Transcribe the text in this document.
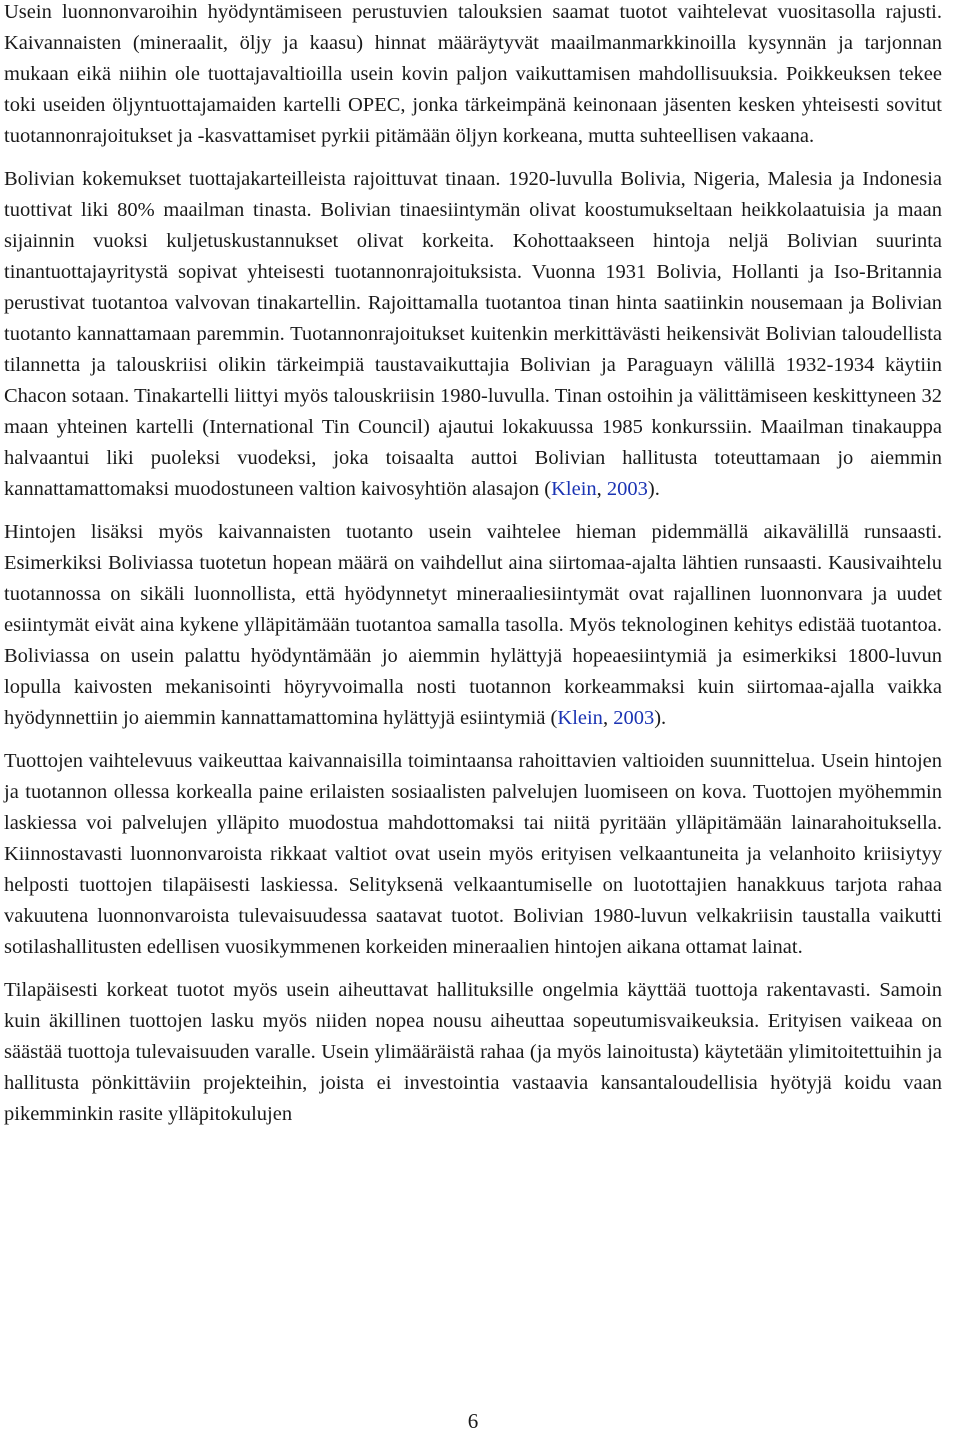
Usein luonnonvaroihin hyödyntämiseen perustuvien talouksien saamat tuotot vaihtelevat vuositasolla rajusti. Kaivannaisten (mineraalit, öljy ja kaasu) hinnat määräytyvät maailmanmarkkinoilla kysynnän ja tarjonnan mukaan eikä niihin ole tuottajavaltioilla usein kovin paljon vaikuttamisen mahdollisuuksia. Poikkeuksen tekee toki useiden öljyntuottajamaiden kartelli OPEC, jonka tärkeimpänä keinonaan jäsenten kesken yhteisesti sovitut tuotannonrajoitukset ja -kasvattamiset pyrkii pitämään öljyn korkeana, mutta suhteellisen vakaana.

Bolivian kokemukset tuottajakarteilleista rajoittuvat tinaan. 1920-luvulla Bolivia, Nigeria, Malesia ja Indonesia tuottivat liki 80% maailman tinasta. Bolivian tinaesiintymän olivat koostumukseltaan heikkolaatuisia ja maan sijainnin vuoksi kuljetuskustannukset olivat korkeita. Kohottaakseen hintoja neljä Bolivian suurinta tinantuottajayritystä sopivat yhteisesti tuotannonrajoituksista. Vuonna 1931 Bolivia, Hollanti ja Iso-Britannia perustivat tuotantoa valvovan tinakartellin. Rajoittamalla tuotantoa tinan hinta saatiinkin nousemaan ja Bolivian tuotanto kannattamaan paremmin. Tuotannonrajoitukset kuitenkin merkittävästi heikensivät Bolivian taloudellista tilannetta ja talouskriisi olikin tärkeimpiä taustavaikuttajia Bolivian ja Paraguayn välillä 1932-1934 käytiin Chacon sotaan. Tinakartelli liittyi myös talouskriisin 1980-luvulla. Tinan ostoihin ja välittämiseen keskittyneen 32 maan yhteinen kartelli (International Tin Council) ajautui lokakuussa 1985 konkurssiin. Maailman tinakauppa halvaantui liki puoleksi vuodeksi, joka toisaalta auttoi Bolivian hallitusta toteuttamaan jo aiemmin kannattamattomaksi muodostuneen valtion kaivosyhtiön alasajon (Klein, 2003).

Hintojen lisäksi myös kaivannaisten tuotanto usein vaihtelee hieman pidemmällä aikavälillä runsaasti. Esimerkiksi Boliviassa tuotetun hopean määrä on vaihdellut aina siirtomaa-ajalta lähtien runsaasti. Kausivaihtelu tuotannossa on sikäli luonnollista, että hyödynnetyt mineraaliesiintymät ovat rajallinen luonnonvara ja uudet esiintymät eivät aina kykene ylläpitämään tuotantoa samalla tasolla. Myös teknologinen kehitys edistää tuotantoa. Boliviassa on usein palattu hyödyntämään jo aiemmin hylättyjä hopeaesiintymiä ja esimerkiksi 1800-luvun lopulla kaivosten mekanisointi höyryvoimalla nosti tuotannon korkeammaksi kuin siirtomaa-ajalla vaikka hyödynnettiin jo aiemmin kannattamattomina hylättyjä esiintymiä (Klein, 2003).

Tuottojen vaihtelevuus vaikeuttaa kaivannaisilla toimintaansa rahoittavien valtioiden suunnittelua. Usein hintojen ja tuotannon ollessa korkealla paine erilaisten sosiaalisten palvelujen luomiseen on kova. Tuottojen myöhemmin laskiessa voi palvelujen ylläpito muodostua mahdottomaksi tai niitä pyritään ylläpitämään lainarahoituksella. Kiinnostavasti luonnonvaroista rikkaat valtiot ovat usein myös erityisen velkaantuneita ja velanhoito kriisiytyy helposti tuottojen tilapäisesti laskiessa. Selityksenä velkaantumiselle on luotottajien hanakkuus tarjota rahaa vakuutena luonnonvaroista tulevaisuudessa saatavat tuotot. Bolivian 1980-luvun velkakriisin taustalla vaikutti sotilashallitusten edellisen vuosikymmenen korkeiden mineraalien hintojen aikana ottamat lainat.

Tilapäisesti korkeat tuotot myös usein aiheuttavat hallituksille ongelmia käyttää tuottoja rakentavasti. Samoin kuin äkillinen tuottojen lasku myös niiden nopea nousu aiheuttaa sopeutumisvaikeuksia. Erityisen vaikeaa on säästää tuottoja tulevaisuuden varalle. Usein ylimääräistä rahaa (ja myös lainoitusta) käytetään ylimitoitettuihin ja hallitusta pönkittäviin projekteihin, joista ei investointia vastaavia kansantaloudellisia hyötyjä koidu vaan pikemminkin rasite ylläpitokulujen

6
